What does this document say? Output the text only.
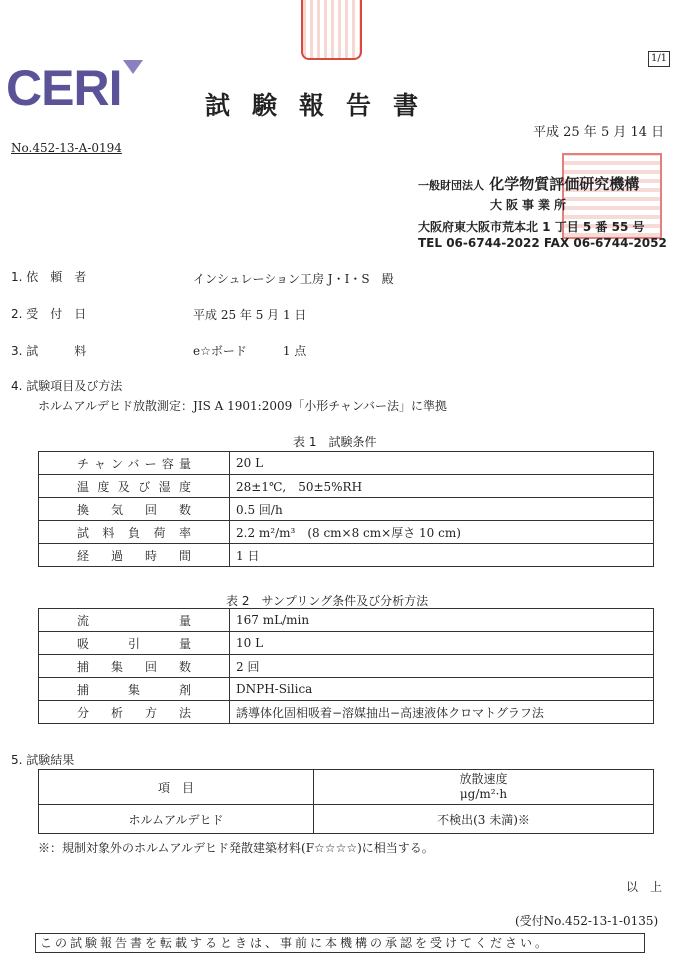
1/1
CERI	試験報告書
平成 25 年 5 月 14 日
No.452-13-A-0194
一般財団法人 化学物質評価研究機構
大阪事業所
大阪府東大阪市荒本北 1 丁目 5 番 55 号
TEL 06-6744-2022 FAX 06-6744-2052
1. 依　頼　者	インシュレーション工房 J・I・S　殿
2. 受　付　日	平成 25 年 5 月 1 日
3. 試　　　料	e☆ボード　　　1 点
4. 試験項目及び方法
ホルムアルデヒド放散測定：JIS A 1901:2009「小形チャンバー法」に準拠
表 1　試験条件
チャンバー容量	20 L
温度及び湿度	28±1℃,　50±5%RH
換気回数	0.5 回/h
試料負荷率	2.2 m²/m³　(8 cm×8 cm×厚さ 10 cm)
経過時間	1 日
表 2　サンプリング条件及び分析方法
流量	167 mL/min
吸引量	10 L
捕集回数	2 回
捕集剤	DNPH-Silica
分析方法	誘導体化固相吸着−溶媒抽出−高速液体クロマトグラフ法
5. 試験結果
項　目	放散速度
μg/m²·h

ホルムアルデヒド	不検出(3 未満)※
※：規制対象外のホルムアルデヒド発散建築材料(F☆☆☆☆)に相当する。
以　上
(受付No.452-13-1-0135)
この試験報告書を転載するときは、事前に本機構の承認を受けてください。
